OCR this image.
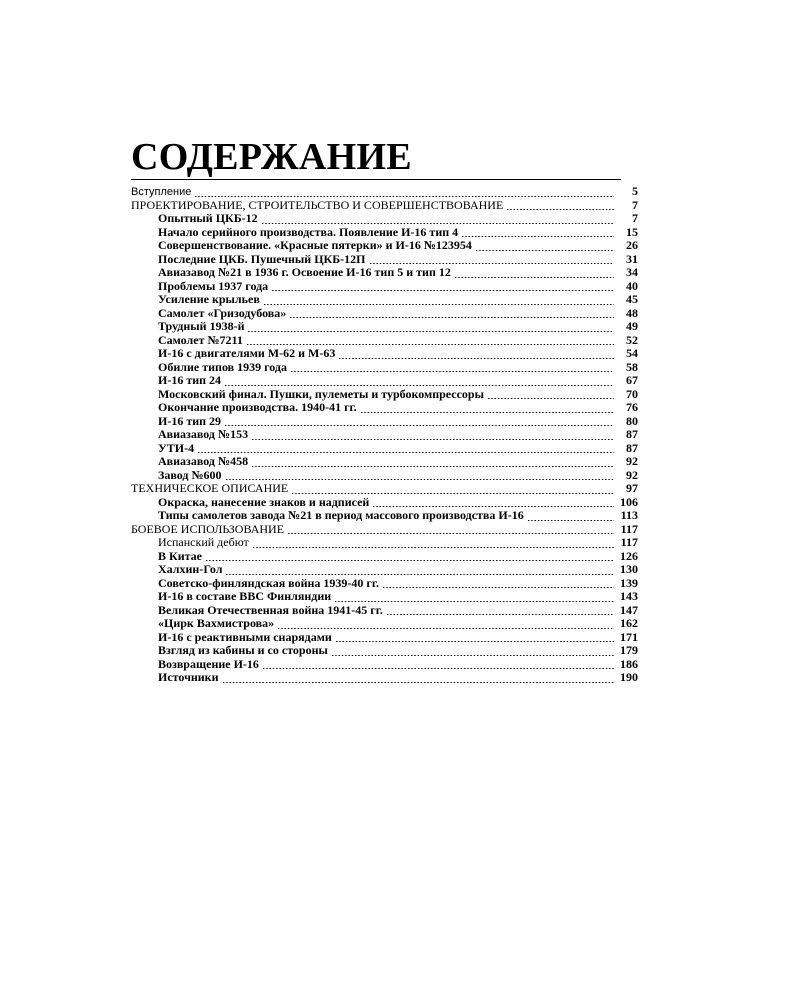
СОДЕРЖАНИЕ
Вступление	5
ПРОЕКТИРОВАНИЕ, СТРОИТЕЛЬСТВО И СОВЕРШЕНСТВОВАНИЕ	7
Опытный ЦКБ-12	7
Начало серийного производства. Появление И-16 тип 4	15
Совершенствование. «Красные пятерки» и И-16 №123954	26
Последние ЦКБ. Пушечный ЦКБ-12П	31
Авиазавод №21 в 1936 г. Освоение И-16 тип 5 и тип 12	34
Проблемы 1937 года	40
Усиление крыльев	45
Самолет «Гризодубова»	48
Трудный 1938-й	49
Самолет №7211	52
И-16 с двигателями М-62 и М-63	54
Обилие типов 1939 года	58
И-16 тип 24	67
Московский финал. Пушки, пулеметы и турбокомпрессоры	70
Окончание производства. 1940-41 гг.	76
И-16 тип 29	80
Авиазавод №153	87
УТИ-4	87
Авиазавод №458	92
Завод №600	92
ТЕХНИЧЕСКОЕ ОПИСАНИЕ	97
Окраска, нанесение знаков и надписей	106
Типы самолетов завода №21 в период массового производства И-16	113
БОЕВОЕ ИСПОЛЬЗОВАНИЕ	117
Испанский дебют	117
В Китае	126
Халхин-Гол	130
Советско-финляндская война 1939-40 гг.	139
И-16 в составе ВВС Финляндии	143
Великая Отечественная война 1941-45 гг.	147
«Цирк Вахмистрова»	162
И-16 с реактивными снарядами	171
Взгляд из кабины и со стороны	179
Возвращение И-16	186
Источники	190
